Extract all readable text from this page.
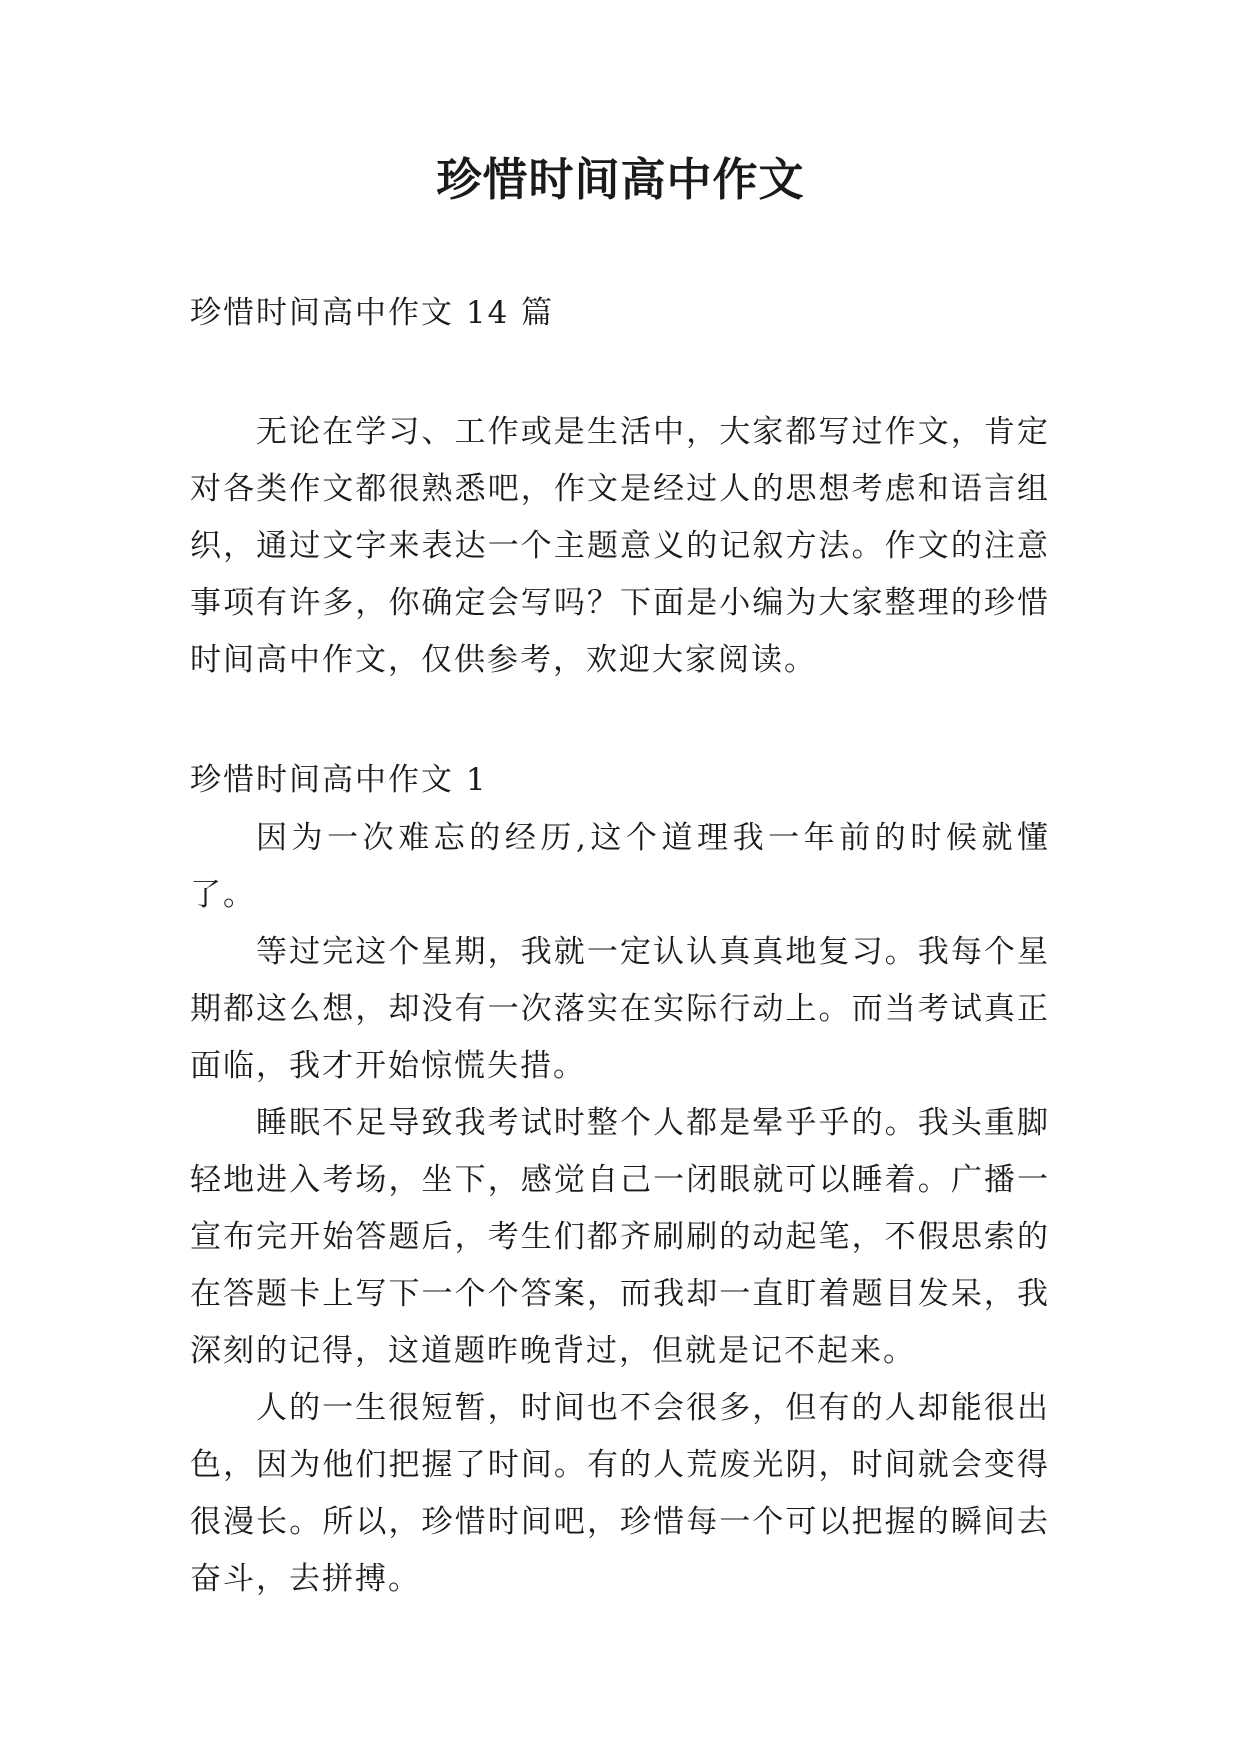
珍惜时间高中作文

珍惜时间高中作文 14 篇

无论在学习、工作或是生活中，大家都写过作文，肯定对各类作文都很熟悉吧，作文是经过人的思想考虑和语言组织，通过文字来表达一个主题意义的记叙方法。作文的注意事项有许多，你确定会写吗？下面是小编为大家整理的珍惜时间高中作文，仅供参考，欢迎大家阅读。

珍惜时间高中作文 1

因为一次难忘的经历,这个道理我一年前的时候就懂了。

等过完这个星期，我就一定认认真真地复习。我每个星期都这么想，却没有一次落实在实际行动上。而当考试真正面临，我才开始惊慌失措。

睡眠不足导致我考试时整个人都是晕乎乎的。我头重脚轻地进入考场，坐下，感觉自己一闭眼就可以睡着。广播一宣布完开始答题后，考生们都齐刷刷的动起笔，不假思索的在答题卡上写下一个个答案，而我却一直盯着题目发呆，我深刻的记得，这道题昨晚背过，但就是记不起来。

人的一生很短暂，时间也不会很多，但有的人却能很出色，因为他们把握了时间。有的人荒废光阴，时间就会变得很漫长。所以，珍惜时间吧，珍惜每一个可以把握的瞬间去奋斗，去拼搏。
